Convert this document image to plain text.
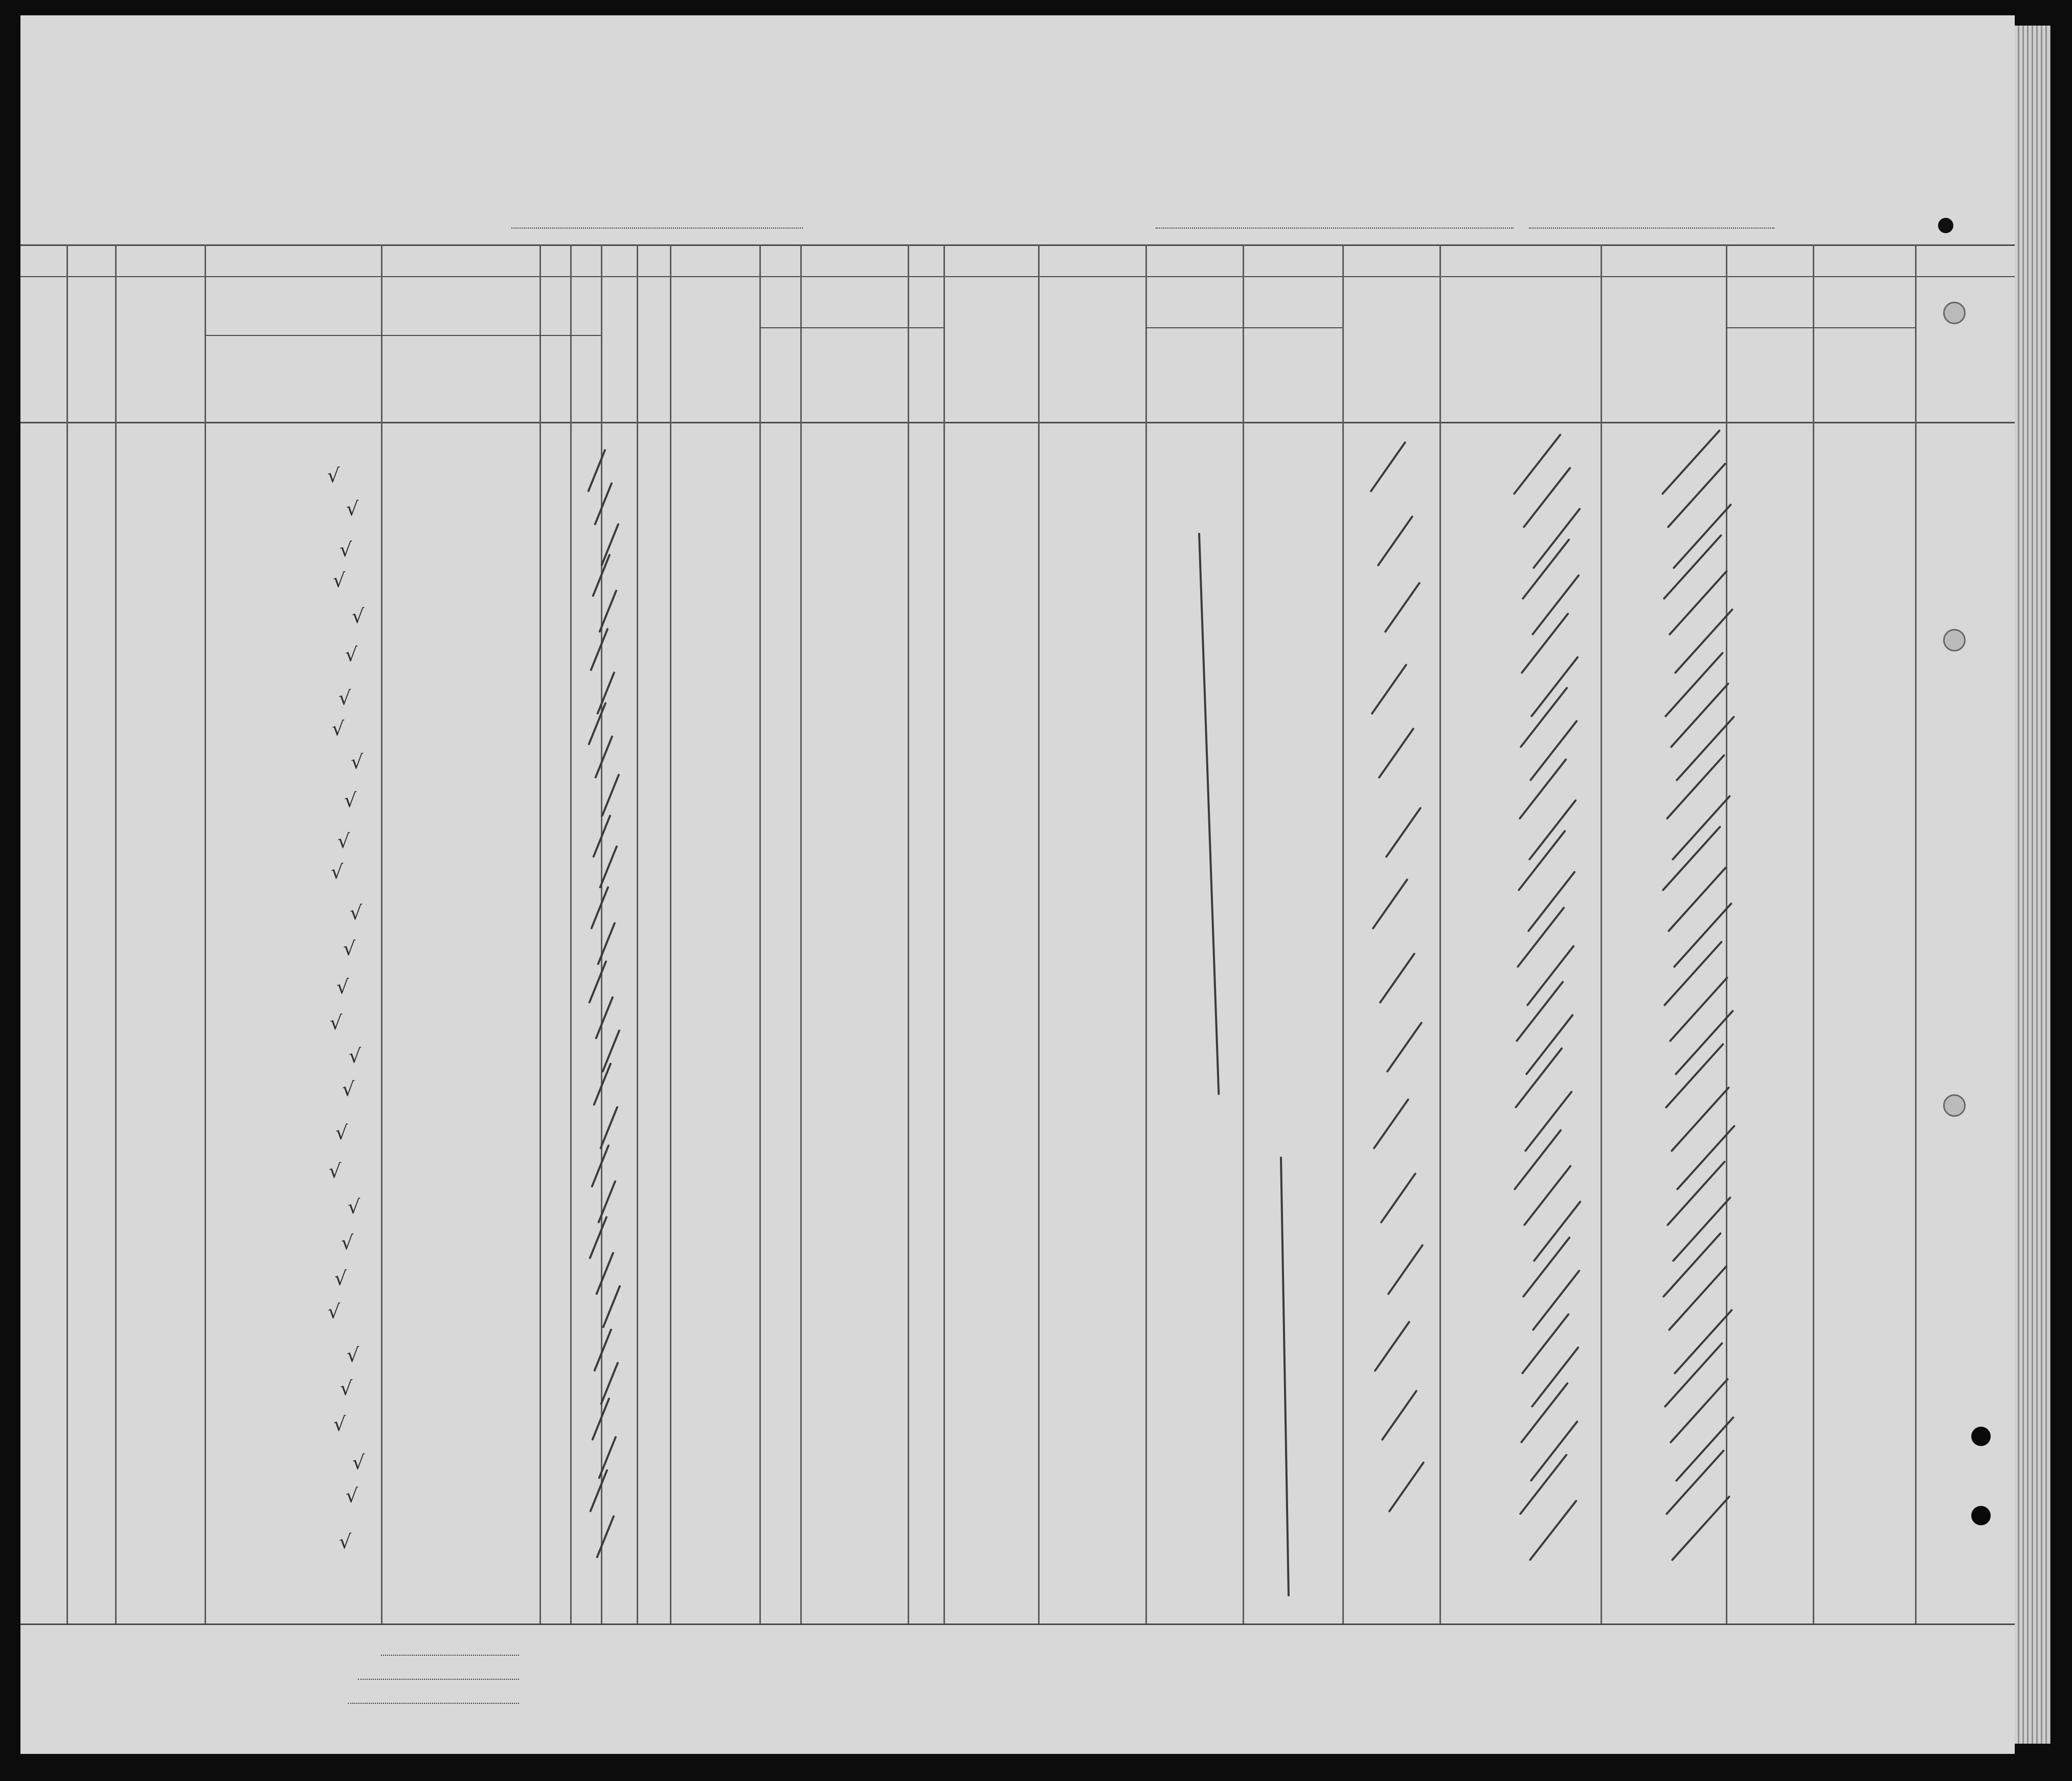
√
√
√
√
√
√
√
√
√
√
√
√
√
√
√
√
√
√
√
√
√
√
√
√
√
√
√
√
√
√
